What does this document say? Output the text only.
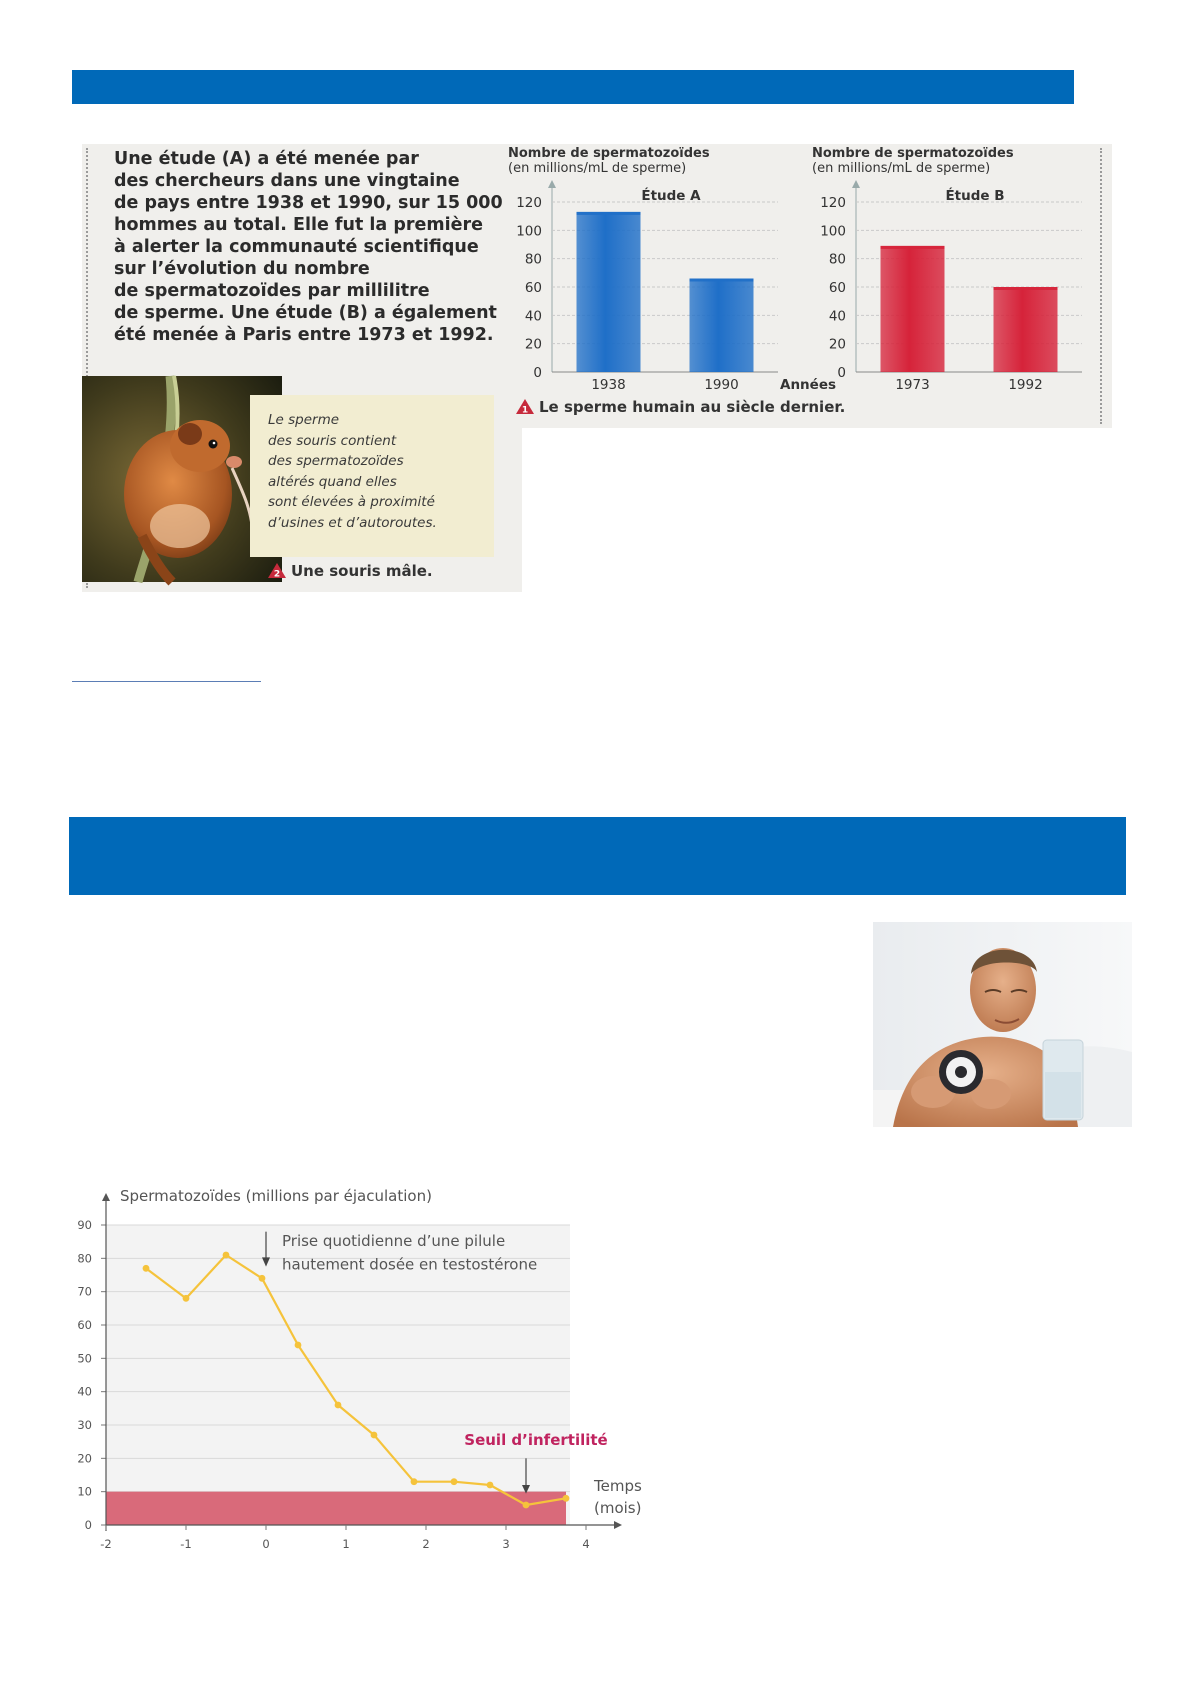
Une étude (A) a été menée par
des chercheurs dans une vingtaine
de pays entre 1938 et 1990, sur 15 000
hommes au total. Elle fut la première
à alerter la communauté scientifique
sur l’évolution du nombre
de spermatozoïdes par millilitre
de sperme. Une étude (B) a également
été menée à Paris entre 1973 et 1992.
Le sperme
des souris contient
des spermatozoïdes
altérés quand elles
sont élevées à proximité
d’usines et d’autoroutes.
2 Une souris mâle.
Nombre de spermatozoïdes
(en millions/mL de sperme)
0
20
40
60
80
100
120	Étude A
1938	1990	Années
Nombre de spermatozoïdes
(en millions/mL de sperme)
0
20
40
60
80
100
120	Étude B
1973	1992
1 Le sperme humain au siècle dernier.
0
10
20
30
40
50
60
70
80
90
-2	-1	0	1	2	3	4
Spermatozoïdes (millions par éjaculation)
Temps
(mois)
Prise quotidienne d’une pilule
hautement dosée en testostérone
Seuil d’infertilité
